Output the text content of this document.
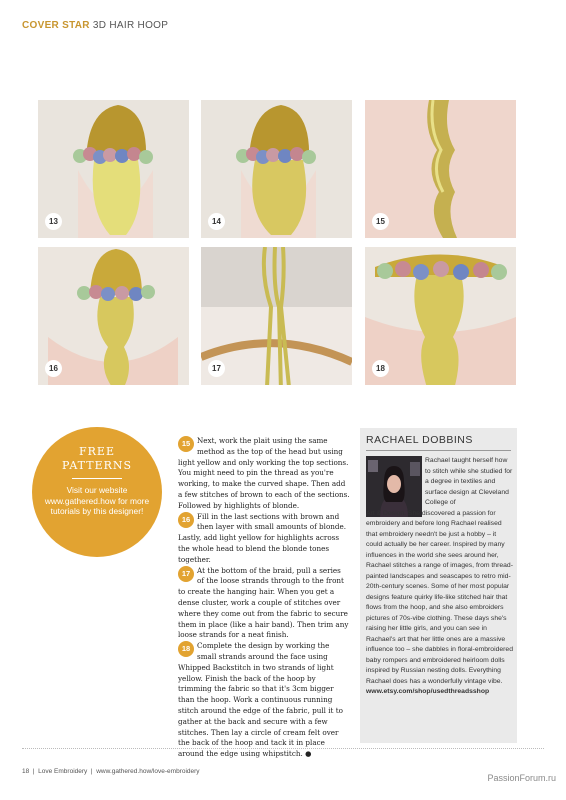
COVER STAR 3D HAIR HOOP
13	14	15
16	17	18
FREE
PATTERNS
Visit our website www.gathered.how for more tutorials by this designer!

15 Next, work the plait using the same method as the top of the head but using light yellow and only working the top sections. You might need to pin the thread as you're working, to make the curved shape. Then add a few stitches of brown to each of the sections. Followed by highlights of blonde.

16 Fill in the last sections with brown and then layer with small amounts of blonde. Lastly, add light yellow for highlights across the whole head to blend the blonde tones together.

17 At the bottom of the braid, pull a series of the loose strands through to the front to create the hanging hair. When you get a dense cluster, work a couple of stitches over where they come out from the fabric to secure them in place (like a hair band). Then trim any loose strands for a neat finish.

18 Complete the design by working the small strands around the face using Whipped Backstitch in two strands of light yellow. Finish the back of the hoop by trimming the fabric so that it's 3cm bigger than the hoop. Work a continuous running stitch around the edge of the fabric, pull it to gather at the back and secure with a few stitches. Then lay a circle of cream felt over the back of the hoop and tack it in place around the edge using whipstitch. ●

RACHAEL DOBBINS
Rachael taught herself how to stitch while she studied for a degree in textiles and surface design at Cleveland College of
Art & Design. She discovered a passion for embroidery and before long Rachael realised that embroidery needn't be just a hobby – it could actually be her career. Inspired by many influences in the world she sees around her, Rachael stitches a range of images, from thread-painted landscapes and seascapes to retro mid-20th-century scenes. Some of her most popular designs feature quirky life-like stitched hair that flows from the hoop, and she also embroiders pictures of 70s-vibe clothing. These days she's raising her little girls, and you can see in Rachael's art that her little ones are a massive influence too – she dabbles in floral-embroidered baby rompers and embroidered heirloom dolls inspired by Russian nesting dolls. Everything Rachael does has a wonderfully vintage vibe. www.etsy.com/shop/usedthreadsshop
18  |  Love Embroidery  |  www.gathered.how/love-embroidery
PassionForum.ru
